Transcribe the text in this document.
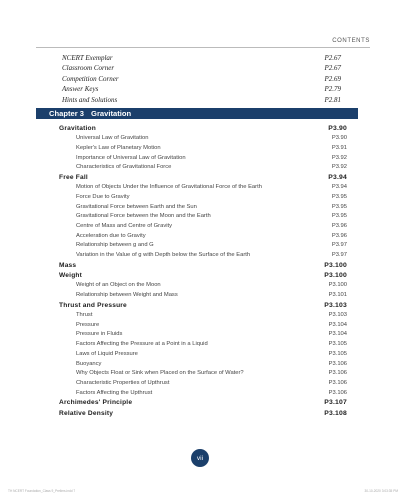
CONTENTS
NCERT Exemplar	P2.67
Classroom Corner	P2.67
Competition Corner	P2.69
Answer Keys	P2.79
Hints and Solutions	P2.81
Chapter 3 Gravitation
Gravitation	P3.90
Universal Law of Gravitation	P3.90
Kepler's Law of Planetary Motion	P3.91
Importance of Universal Law of Gravitation	P3.92
Characteristics of Gravitational Force	P3.92
Free Fall	P3.94
Motion of Objects Under the Influence of Gravitational Force of the Earth	P3.94
Force Due to Gravity	P3.95
Gravitational Force between Earth and the Sun	P3.95
Gravitational Force between the Moon and the Earth	P3.95
Centre of Mass and Centre of Gravity	P3.96
Acceleration due to Gravity	P3.96
Relationship between g and G	P3.97
Variation in the Value of g with Depth below the Surface of the Earth	P3.97
Mass	P3.100
Weight	P3.100
Weight of an Object on the Moon	P3.100
Relationship between Weight and Mass	P3.101
Thrust and Pressure	P3.103
Thrust	P3.103
Pressure	P3.104
Pressure in Fluids	P3.104
Factors Affecting the Pressure at a Point in a Liquid	P3.105
Laws of Liquid Pressure	P3.105
Buoyancy	P3.106
Why Objects Float or Sink when Placed on the Surface of Water?	P3.106
Characteristic Properties of Upthrust	P3.106
Factors Affecting the Upthrust	P3.106
Archimedes' Principle	P3.107
Relative Density	P3.108
vii
TH NCERT Foundation_Class 9_Prelims.indd 7	30-10-2020 3:03:35 PM
